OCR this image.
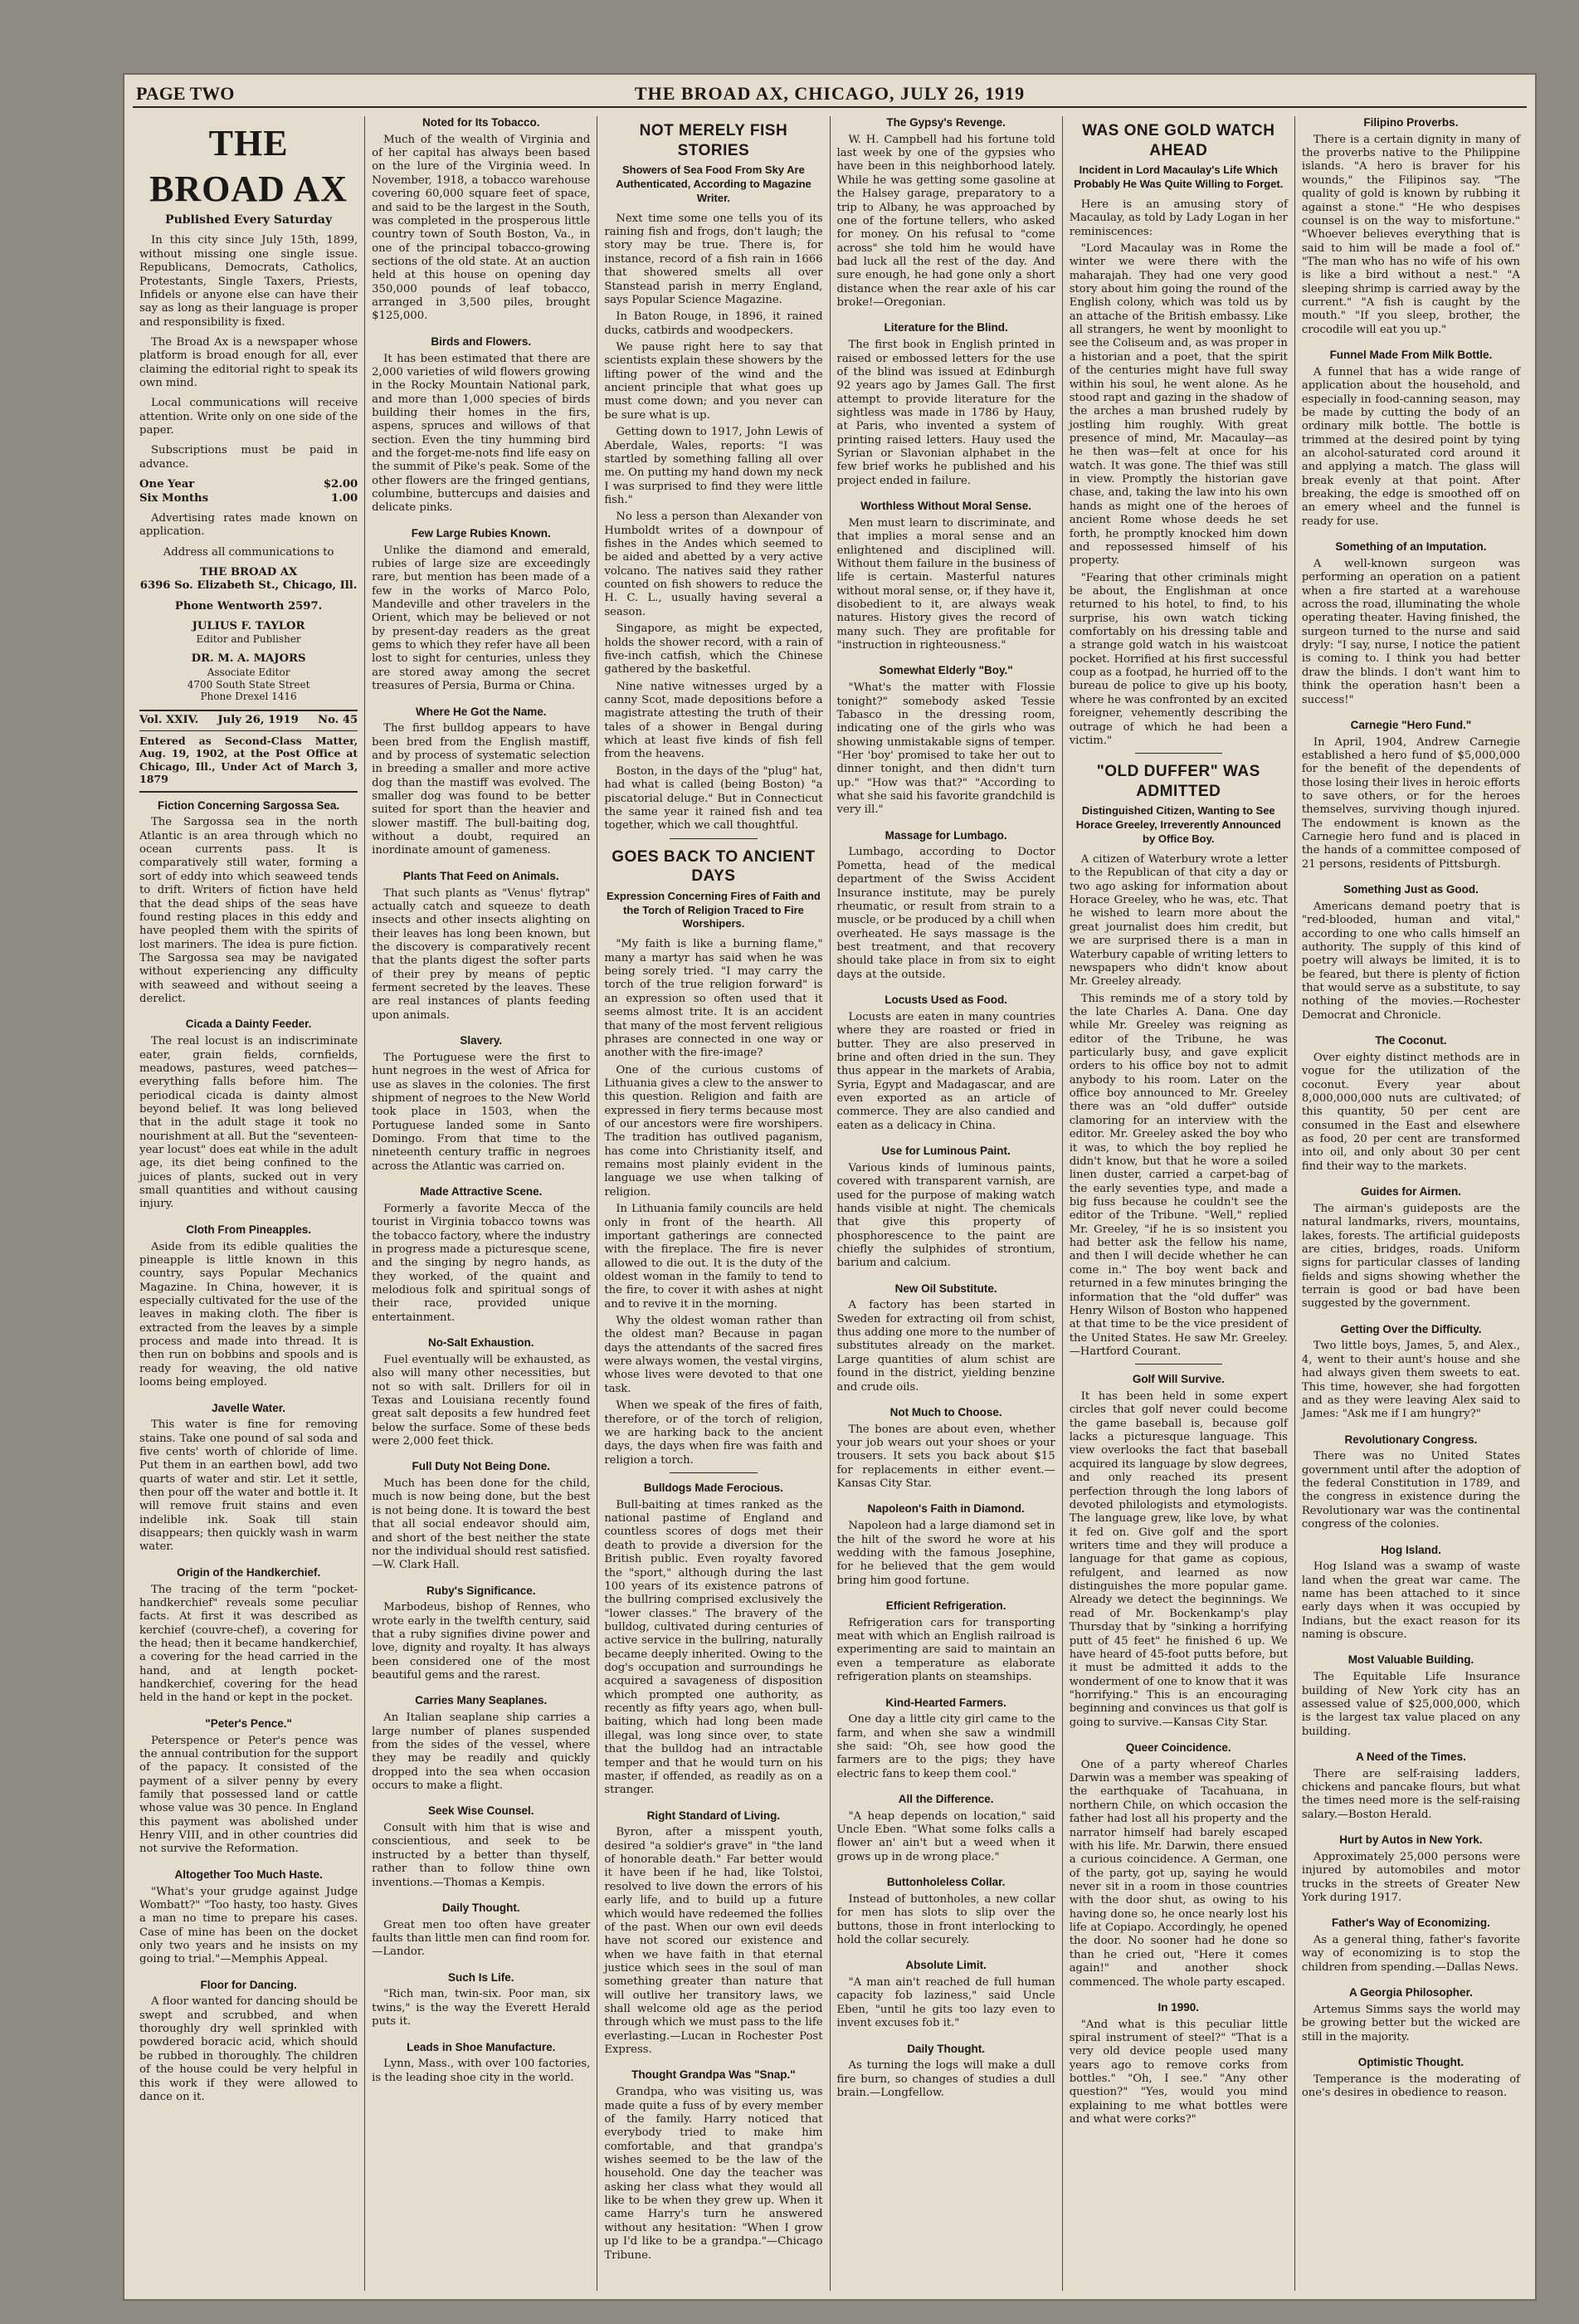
PAGE TWO	THE BROAD AX, CHICAGO, JULY 26, 1919
THE BROAD AX
Published Every Saturday

In this city since July 15th, 1899, without missing one single issue. Republicans, Democrats, Catholics, Protestants, Single Taxers, Priests, Infidels or anyone else can have their say as long as their language is proper and responsibility is fixed.

The Broad Ax is a newspaper whose platform is broad enough for all, ever claiming the editorial right to speak its own mind.

Local communications will receive attention. Write only on one side of the paper.

Subscriptions must be paid in advance.

One Year	$2.00
Six Months	1.00

Advertising rates made known on application.

Address all communications to

THE BROAD AX

6396 So. Elizabeth St., Chicago, Ill.

Phone Wentworth 2597.

JULIUS F. TAYLOR
Editor and Publisher
DR. M. A. MAJORS
Associate Editor
4700 South State Street
Phone Drexel 1416
Vol. XXIV. July 26, 1919 No. 45
Entered as Second-Class Matter, Aug. 19, 1902, at the Post Office at Chicago, Ill., Under Act of March 3, 1879
Fiction Concerning Sargossa Sea.

The Sargossa sea in the north Atlantic is an area through which no ocean currents pass. It is comparatively still water, forming a sort of eddy into which seaweed tends to drift. Writers of fiction have held that the dead ships of the seas have found resting places in this eddy and have peopled them with the spirits of lost mariners. The idea is pure fiction. The Sargossa sea may be navigated without experiencing any difficulty with seaweed and without seeing a derelict.

Cicada a Dainty Feeder.

The real locust is an indiscriminate eater, grain fields, cornfields, meadows, pastures, weed patches—everything falls before him. The periodical cicada is dainty almost beyond belief. It was long believed that in the adult stage it took no nourishment at all. But the "seventeen-year locust" does eat while in the adult age, its diet being confined to the juices of plants, sucked out in very small quantities and without causing injury.

Cloth From Pineapples.

Aside from its edible qualities the pineapple is little known in this country, says Popular Mechanics Magazine. In China, however, it is especially cultivated for the use of the leaves in making cloth. The fiber is extracted from the leaves by a simple process and made into thread. It is then run on bobbins and spools and is ready for weaving, the old native looms being employed.

Javelle Water.

This water is fine for removing stains. Take one pound of sal soda and five cents' worth of chloride of lime. Put them in an earthen bowl, add two quarts of water and stir. Let it settle, then pour off the water and bottle it. It will remove fruit stains and even indelible ink. Soak till stain disappears; then quickly wash in warm water.

Origin of the Handkerchief.

The tracing of the term "pocket-handkerchief" reveals some peculiar facts. At first it was described as kerchief (couvre-chef), a covering for the head; then it became handkerchief, a covering for the head carried in the hand, and at length pocket-handkerchief, covering for the head held in the hand or kept in the pocket.

"Peter's Pence."

Peterspence or Peter's pence was the annual contribution for the support of the papacy. It consisted of the payment of a silver penny by every family that possessed land or cattle whose value was 30 pence. In England this payment was abolished under Henry VIII, and in other countries did not survive the Reformation.

Altogether Too Much Haste.

"What's your grudge against Judge Wombatt?" "Too hasty, too hasty. Gives a man no time to prepare his cases. Case of mine has been on the docket only two years and he insists on my going to trial."—Memphis Appeal.

Floor for Dancing.

A floor wanted for dancing should be swept and scrubbed, and when thoroughly dry well sprinkled with powdered boracic acid, which should be rubbed in thoroughly. The children of the house could be very helpful in this work if they were allowed to dance on it.

Noted for Its Tobacco.

Much of the wealth of Virginia and of her capital has always been based on the lure of the Virginia weed. In November, 1918, a tobacco warehouse covering 60,000 square feet of space, and said to be the largest in the South, was completed in the prosperous little country town of South Boston, Va., in one of the principal tobacco-growing sections of the old state. At an auction held at this house on opening day 350,000 pounds of leaf tobacco, arranged in 3,500 piles, brought $125,000.

Birds and Flowers.

It has been estimated that there are 2,000 varieties of wild flowers growing in the Rocky Mountain National park, and more than 1,000 species of birds building their homes in the firs, aspens, spruces and willows of that section. Even the tiny humming bird and the forget-me-nots find life easy on the summit of Pike's peak. Some of the other flowers are the fringed gentians, columbine, buttercups and daisies and delicate pinks.

Few Large Rubies Known.

Unlike the diamond and emerald, rubies of large size are exceedingly rare, but mention has been made of a few in the works of Marco Polo, Mandeville and other travelers in the Orient, which may be believed or not by present-day readers as the great gems to which they refer have all been lost to sight for centuries, unless they are stored away among the secret treasures of Persia, Burma or China.

Where He Got the Name.

The first bulldog appears to have been bred from the English mastiff, and by process of systematic selection in breeding a smaller and more active dog than the mastiff was evolved. The smaller dog was found to be better suited for sport than the heavier and slower mastiff. The bull-baiting dog, without a doubt, required an inordinate amount of gameness.

Plants That Feed on Animals.

That such plants as "Venus' flytrap" actually catch and squeeze to death insects and other insects alighting on their leaves has long been known, but the discovery is comparatively recent that the plants digest the softer parts of their prey by means of peptic ferment secreted by the leaves. These are real instances of plants feeding upon animals.

Slavery.

The Portuguese were the first to hunt negroes in the west of Africa for use as slaves in the colonies. The first shipment of negroes to the New World took place in 1503, when the Portuguese landed some in Santo Domingo. From that time to the nineteenth century traffic in negroes across the Atlantic was carried on.

Made Attractive Scene.

Formerly a favorite Mecca of the tourist in Virginia tobacco towns was the tobacco factory, where the industry in progress made a picturesque scene, and the singing by negro hands, as they worked, of the quaint and melodious folk and spiritual songs of their race, provided unique entertainment.

No-Salt Exhaustion.

Fuel eventually will be exhausted, as also will many other necessities, but not so with salt. Drillers for oil in Texas and Louisiana recently found great salt deposits a few hundred feet below the surface. Some of these beds were 2,000 feet thick.

Full Duty Not Being Done.

Much has been done for the child, much is now being done, but the best is not being done. It is toward the best that all social endeavor should aim, and short of the best neither the state nor the individual should rest satisfied.—W. Clark Hall.

Ruby's Significance.

Marbodeus, bishop of Rennes, who wrote early in the twelfth century, said that a ruby signifies divine power and love, dignity and royalty. It has always been considered one of the most beautiful gems and the rarest.

Carries Many Seaplanes.

An Italian seaplane ship carries a large number of planes suspended from the sides of the vessel, where they may be readily and quickly dropped into the sea when occasion occurs to make a flight.

Seek Wise Counsel.

Consult with him that is wise and conscientious, and seek to be instructed by a better than thyself, rather than to follow thine own inventions.—Thomas a Kempis.

Daily Thought.

Great men too often have greater faults than little men can find room for.—Landor.

Such Is Life.

"Rich man, twin-six. Poor man, six twins," is the way the Everett Herald puts it.

Leads in Shoe Manufacture.

Lynn, Mass., with over 100 factories, is the leading shoe city in the world.

NOT MERELY FISH STORIES
Showers of Sea Food From Sky Are Authenticated, According to Magazine Writer.

Next time some one tells you of its raining fish and frogs, don't laugh; the story may be true. There is, for instance, record of a fish rain in 1666 that showered smelts all over Stanstead parish in merry England, says Popular Science Magazine.

In Baton Rouge, in 1896, it rained ducks, catbirds and woodpeckers.

We pause right here to say that scientists explain these showers by the lifting power of the wind and the ancient principle that what goes up must come down; and you never can be sure what is up.

Getting down to 1917, John Lewis of Aberdale, Wales, reports: "I was startled by something falling all over me. On putting my hand down my neck I was surprised to find they were little fish."

No less a person than Alexander von Humboldt writes of a downpour of fishes in the Andes which seemed to be aided and abetted by a very active volcano. The natives said they rather counted on fish showers to reduce the H. C. L., usually having several a season.

Singapore, as might be expected, holds the shower record, with a rain of five-inch catfish, which the Chinese gathered by the basketful.

Nine native witnesses urged by a canny Scot, made depositions before a magistrate attesting the truth of their tales of a shower in Bengal during which at least five kinds of fish fell from the heavens.

Boston, in the days of the "plug" hat, had what is called (being Boston) "a piscatorial deluge." But in Connecticut the same year it rained fish and tea together, which we call thoughtful.

GOES BACK TO ANCIENT DAYS
Expression Concerning Fires of Faith and the Torch of Religion Traced to Fire Worshipers.

"My faith is like a burning flame," many a martyr has said when he was being sorely tried. "I may carry the torch of the true religion forward" is an expression so often used that it seems almost trite. It is an accident that many of the most fervent religious phrases are connected in one way or another with the fire-image?

One of the curious customs of Lithuania gives a clew to the answer to this question. Religion and faith are expressed in fiery terms because most of our ancestors were fire worshipers. The tradition has outlived paganism, has come into Christianity itself, and remains most plainly evident in the language we use when talking of religion.

In Lithuania family councils are held only in front of the hearth. All important gatherings are connected with the fireplace. The fire is never allowed to die out. It is the duty of the oldest woman in the family to tend to the fire, to cover it with ashes at night and to revive it in the morning.

Why the oldest woman rather than the oldest man? Because in pagan days the attendants of the sacred fires were always women, the vestal virgins, whose lives were devoted to that one task.

When we speak of the fires of faith, therefore, or of the torch of religion, we are harking back to the ancient days, the days when fire was faith and religion a torch.

Bulldogs Made Ferocious.

Bull-baiting at times ranked as the national pastime of England and countless scores of dogs met their death to provide a diversion for the British public. Even royalty favored the "sport," although during the last 100 years of its existence patrons of the bullring comprised exclusively the "lower classes." The bravery of the bulldog, cultivated during centuries of active service in the bullring, naturally became deeply inherited. Owing to the dog's occupation and surroundings he acquired a savageness of disposition which prompted one authority, as recently as fifty years ago, when bull-baiting, which had long been made illegal, was long since over, to state that the bulldog had an intractable temper and that he would turn on his master, if offended, as readily as on a stranger.

Right Standard of Living.

Byron, after a misspent youth, desired "a soldier's grave" in "the land of honorable death." Far better would it have been if he had, like Tolstoi, resolved to live down the errors of his early life, and to build up a future which would have redeemed the follies of the past. When our own evil deeds have not scored our existence and when we have faith in that eternal justice which sees in the soul of man something greater than nature that will outlive her transitory laws, we shall welcome old age as the period through which we must pass to the life everlasting.—Lucan in Rochester Post Express.

Thought Grandpa Was "Snap."

Grandpa, who was visiting us, was made quite a fuss of by every member of the family. Harry noticed that everybody tried to make him comfortable, and that grandpa's wishes seemed to be the law of the household. One day the teacher was asking her class what they would all like to be when they grew up. When it came Harry's turn he answered without any hesitation: "When I grow up I'd like to be a grandpa."—Chicago Tribune.

The Gypsy's Revenge.

W. H. Campbell had his fortune told last week by one of the gypsies who have been in this neighborhood lately. While he was getting some gasoline at the Halsey garage, preparatory to a trip to Albany, he was approached by one of the fortune tellers, who asked for money. On his refusal to "come across" she told him he would have bad luck all the rest of the day. And sure enough, he had gone only a short distance when the rear axle of his car broke!—Oregonian.

Literature for the Blind.

The first book in English printed in raised or embossed letters for the use of the blind was issued at Edinburgh 92 years ago by James Gall. The first attempt to provide literature for the sightless was made in 1786 by Hauy, at Paris, who invented a system of printing raised letters. Hauy used the Syrian or Slavonian alphabet in the few brief works he published and his project ended in failure.

Worthless Without Moral Sense.

Men must learn to discriminate, and that implies a moral sense and an enlightened and disciplined will. Without them failure in the business of life is certain. Masterful natures without moral sense, or, if they have it, disobedient to it, are always weak natures. History gives the record of many such. They are profitable for "instruction in righteousness."

Somewhat Elderly "Boy."

"What's the matter with Flossie tonight?" somebody asked Tessie Tabasco in the dressing room, indicating one of the girls who was showing unmistakable signs of temper. "Her 'boy' promised to take her out to dinner tonight, and then didn't turn up." "How was that?" "According to what she said his favorite grandchild is very ill."

Massage for Lumbago.

Lumbago, according to Doctor Pometta, head of the medical department of the Swiss Accident Insurance institute, may be purely rheumatic, or result from strain to a muscle, or be produced by a chill when overheated. He says massage is the best treatment, and that recovery should take place in from six to eight days at the outside.

Locusts Used as Food.

Locusts are eaten in many countries where they are roasted or fried in butter. They are also preserved in brine and often dried in the sun. They thus appear in the markets of Arabia, Syria, Egypt and Madagascar, and are even exported as an article of commerce. They are also candied and eaten as a delicacy in China.

Use for Luminous Paint.

Various kinds of luminous paints, covered with transparent varnish, are used for the purpose of making watch hands visible at night. The chemicals that give this property of phosphorescence to the paint are chiefly the sulphides of strontium, barium and calcium.

New Oil Substitute.

A factory has been started in Sweden for extracting oil from schist, thus adding one more to the number of substitutes already on the market. Large quantities of alum schist are found in the district, yielding benzine and crude oils.

Not Much to Choose.

The bones are about even, whether your job wears out your shoes or your trousers. It sets you back about $15 for replacements in either event.—Kansas City Star.

Napoleon's Faith in Diamond.

Napoleon had a large diamond set in the hilt of the sword he wore at his wedding with the famous Josephine, for he believed that the gem would bring him good fortune.

Efficient Refrigeration.

Refrigeration cars for transporting meat with which an English railroad is experimenting are said to maintain an even a temperature as elaborate refrigeration plants on steamships.

Kind-Hearted Farmers.

One day a little city girl came to the farm, and when she saw a windmill she said: "Oh, see how good the farmers are to the pigs; they have electric fans to keep them cool."

All the Difference.

"A heap depends on location," said Uncle Eben. "What some folks calls a flower an' ain't but a weed when it grows up in de wrong place."

Buttonholeless Collar.

Instead of buttonholes, a new collar for men has slots to slip over the buttons, those in front interlocking to hold the collar securely.

Absolute Limit.

"A man ain't reached de full human capacity fob laziness," said Uncle Eben, "until he gits too lazy even to invent excuses fob it."

Daily Thought.

As turning the logs will make a dull fire burn, so changes of studies a dull brain.—Longfellow.

WAS ONE GOLD WATCH AHEAD
Incident in Lord Macaulay's Life Which Probably He Was Quite Willing to Forget.

Here is an amusing story of Macaulay, as told by Lady Logan in her reminiscences:

"Lord Macaulay was in Rome the winter we were there with the maharajah. They had one very good story about him going the round of the English colony, which was told us by an attache of the British embassy. Like all strangers, he went by moonlight to see the Coliseum and, as was proper in a historian and a poet, that the spirit of the centuries might have full sway within his soul, he went alone. As he stood rapt and gazing in the shadow of the arches a man brushed rudely by jostling him roughly. With great presence of mind, Mr. Macaulay—as he then was—felt at once for his watch. It was gone. The thief was still in view. Promptly the historian gave chase, and, taking the law into his own hands as might one of the heroes of ancient Rome whose deeds he set forth, he promptly knocked him down and repossessed himself of his property.

"Fearing that other criminals might be about, the Englishman at once returned to his hotel, to find, to his surprise, his own watch ticking comfortably on his dressing table and a strange gold watch in his waistcoat pocket. Horrified at his first successful coup as a footpad, he hurried off to the bureau de police to give up his booty, where he was confronted by an excited foreigner, vehemently describing the outrage of which he had been a victim."

"OLD DUFFER" WAS ADMITTED
Distinguished Citizen, Wanting to See Horace Greeley, Irreverently Announced by Office Boy.

A citizen of Waterbury wrote a letter to the Republican of that city a day or two ago asking for information about Horace Greeley, who he was, etc. That he wished to learn more about the great journalist does him credit, but we are surprised there is a man in Waterbury capable of writing letters to newspapers who didn't know about Mr. Greeley already.

This reminds me of a story told by the late Charles A. Dana. One day while Mr. Greeley was reigning as editor of the Tribune, he was particularly busy, and gave explicit orders to his office boy not to admit anybody to his room. Later on the office boy announced to Mr. Greeley there was an "old duffer" outside clamoring for an interview with the editor. Mr. Greeley asked the boy who it was, to which the boy replied he didn't know, but that he wore a soiled linen duster, carried a carpet-bag of the early seventies type, and made a big fuss because he couldn't see the editor of the Tribune. "Well," replied Mr. Greeley, "if he is so insistent you had better ask the fellow his name, and then I will decide whether he can come in." The boy went back and returned in a few minutes bringing the information that the "old duffer" was Henry Wilson of Boston who happened at that time to be the vice president of the United States. He saw Mr. Greeley.—Hartford Courant.

Golf Will Survive.

It has been held in some expert circles that golf never could become the game baseball is, because golf lacks a picturesque language. This view overlooks the fact that baseball acquired its language by slow degrees, and only reached its present perfection through the long labors of devoted philologists and etymologists. The language grew, like love, by what it fed on. Give golf and the sport writers time and they will produce a language for that game as copious, refulgent, and learned as now distinguishes the more popular game. Already we detect the beginnings. We read of Mr. Bockenkamp's play Thursday that by "sinking a horrifying putt of 45 feet" he finished 6 up. We have heard of 45-foot putts before, but it must be admitted it adds to the wonderment of one to know that it was "horrifying." This is an encouraging beginning and convinces us that golf is going to survive.—Kansas City Star.

Queer Coincidence.

One of a party whereof Charles Darwin was a member was speaking of the earthquake of Tacahuana, in northern Chile, on which occasion the father had lost all his property and the narrator himself had barely escaped with his life. Mr. Darwin, there ensued a curious coincidence. A German, one of the party, got up, saying he would never sit in a room in those countries with the door shut, as owing to his having done so, he once nearly lost his life at Copiapo. Accordingly, he opened the door. No sooner had he done so than he cried out, "Here it comes again!" and another shock commenced. The whole party escaped.

In 1990.

"And what is this peculiar little spiral instrument of steel?" "That is a very old device people used many years ago to remove corks from bottles." "Oh, I see." "Any other question?" "Yes, would you mind explaining to me what bottles were and what were corks?"

Filipino Proverbs.

There is a certain dignity in many of the proverbs native to the Philippine islands. "A hero is braver for his wounds," the Filipinos say. "The quality of gold is known by rubbing it against a stone." "He who despises counsel is on the way to misfortune." "Whoever believes everything that is said to him will be made a fool of." "The man who has no wife of his own is like a bird without a nest." "A sleeping shrimp is carried away by the current." "A fish is caught by the mouth." "If you sleep, brother, the crocodile will eat you up."

Funnel Made From Milk Bottle.

A funnel that has a wide range of application about the household, and especially in food-canning season, may be made by cutting the body of an ordinary milk bottle. The bottle is trimmed at the desired point by tying an alcohol-saturated cord around it and applying a match. The glass will break evenly at that point. After breaking, the edge is smoothed off on an emery wheel and the funnel is ready for use.

Something of an Imputation.

A well-known surgeon was performing an operation on a patient when a fire started at a warehouse across the road, illuminating the whole operating theater. Having finished, the surgeon turned to the nurse and said dryly: "I say, nurse, I notice the patient is coming to. I think you had better draw the blinds. I don't want him to think the operation hasn't been a success!"

Carnegie "Hero Fund."

In April, 1904, Andrew Carnegie established a hero fund of $5,000,000 for the benefit of the dependents of those losing their lives in heroic efforts to save others, or for the heroes themselves, surviving though injured. The endowment is known as the Carnegie hero fund and is placed in the hands of a committee composed of 21 persons, residents of Pittsburgh.

Something Just as Good.

Americans demand poetry that is "red-blooded, human and vital," according to one who calls himself an authority. The supply of this kind of poetry will always be limited, it is to be feared, but there is plenty of fiction that would serve as a substitute, to say nothing of the movies.—Rochester Democrat and Chronicle.

The Coconut.

Over eighty distinct methods are in vogue for the utilization of the coconut. Every year about 8,000,000,000 nuts are cultivated; of this quantity, 50 per cent are consumed in the East and elsewhere as food, 20 per cent are transformed into oil, and only about 30 per cent find their way to the markets.

Guides for Airmen.

The airman's guideposts are the natural landmarks, rivers, mountains, lakes, forests. The artificial guideposts are cities, bridges, roads. Uniform signs for particular classes of landing fields and signs showing whether the terrain is good or bad have been suggested by the government.

Getting Over the Difficulty.

Two little boys, James, 5, and Alex., 4, went to their aunt's house and she had always given them sweets to eat. This time, however, she had forgotten and as they were leaving Alex said to James: "Ask me if I am hungry?"

Revolutionary Congress.

There was no United States government until after the adoption of the federal Constitution in 1789, and the congress in existence during the Revolutionary war was the continental congress of the colonies.

Hog Island.

Hog Island was a swamp of waste land when the great war came. The name has been attached to it since early days when it was occupied by Indians, but the exact reason for its naming is obscure.

Most Valuable Building.

The Equitable Life Insurance building of New York city has an assessed value of $25,000,000, which is the largest tax value placed on any building.

A Need of the Times.

There are self-raising ladders, chickens and pancake flours, but what the times need more is the self-raising salary.—Boston Herald.

Hurt by Autos in New York.

Approximately 25,000 persons were injured by automobiles and motor trucks in the streets of Greater New York during 1917.

Father's Way of Economizing.

As a general thing, father's favorite way of economizing is to stop the children from spending.—Dallas News.

A Georgia Philosopher.

Artemus Simms says the world may be growing better but the wicked are still in the majority.

Optimistic Thought.

Temperance is the moderating of one's desires in obedience to reason.
